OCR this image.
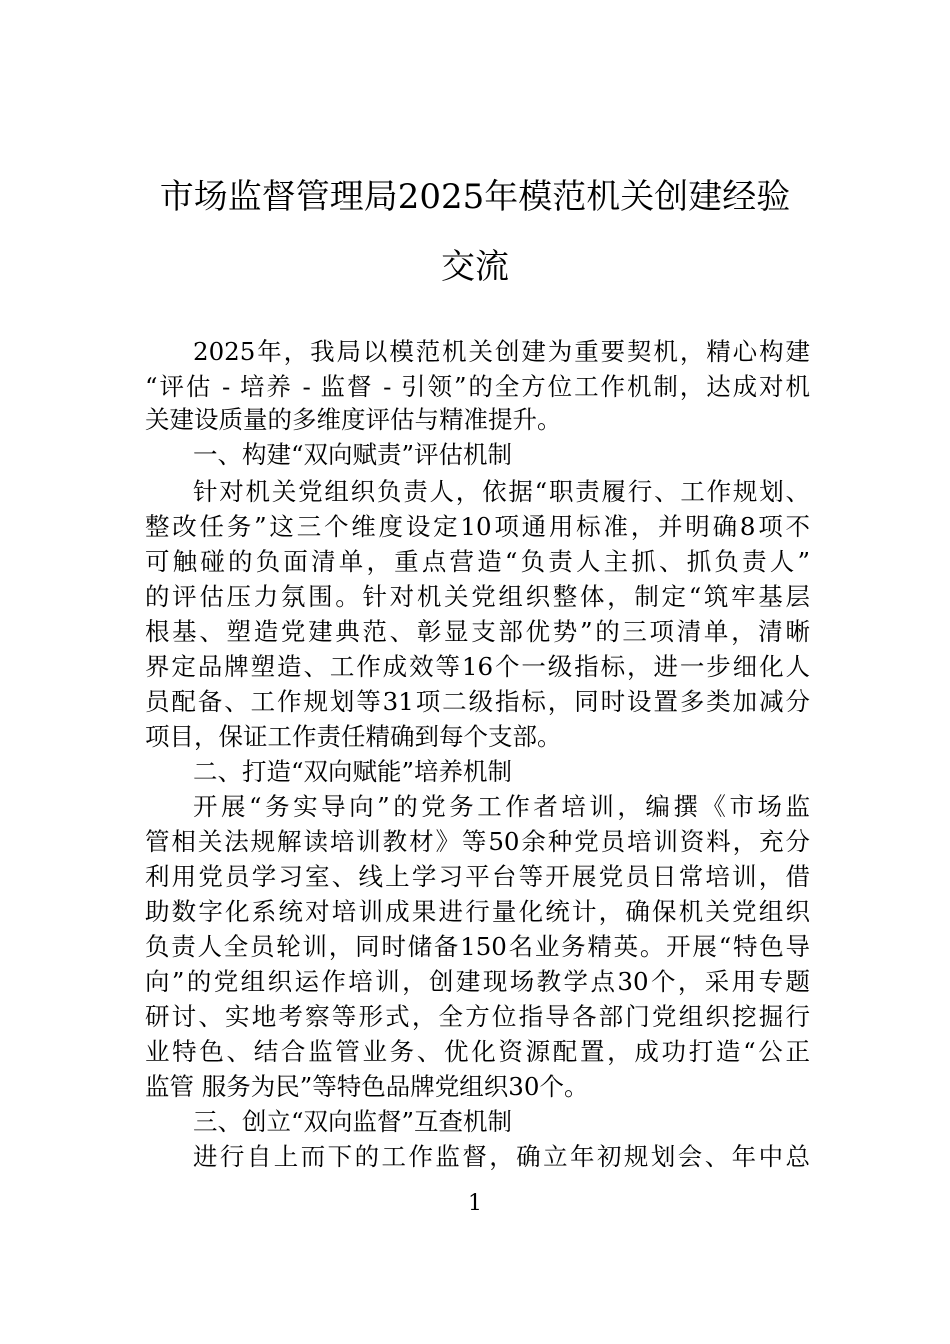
市场监督管理局2025年模范机关创建经验
交流
2025年，我局以模范机关创建为重要契机，精心构建
“评估 - 培养 - 监督 - 引领”的全方位工作机制，达成对机
关建设质量的多维度评估与精准提升。
一、构建“双向赋责”评估机制
针对机关党组织负责人，依据“职责履行、工作规划、
整改任务”这三个维度设定10项通用标准，并明确8项不
可触碰的负面清单，重点营造“负责人主抓、抓负责人”
的评估压力氛围。针对机关党组织整体，制定“筑牢基层
根基、塑造党建典范、彰显支部优势”的三项清单，清晰
界定品牌塑造、工作成效等16个一级指标，进一步细化人
员配备、工作规划等31项二级指标，同时设置多类加减分
项目，保证工作责任精确到每个支部。
二、打造“双向赋能”培养机制
开展“务实导向”的党务工作者培训，编撰《市场监
管相关法规解读培训教材》等50余种党员培训资料，充分
利用党员学习室、线上学习平台等开展党员日常培训，借
助数字化系统对培训成果进行量化统计，确保机关党组织
负责人全员轮训，同时储备150名业务精英。开展“特色导
向”的党组织运作培训，创建现场教学点30个，采用专题
研讨、实地考察等形式，全方位指导各部门党组织挖掘行
业特色、结合监管业务、优化资源配置，成功打造“公正
监管 服务为民”等特色品牌党组织30个。
三、创立“双向监督”互查机制
进行自上而下的工作监督，确立年初规划会、年中总
1
